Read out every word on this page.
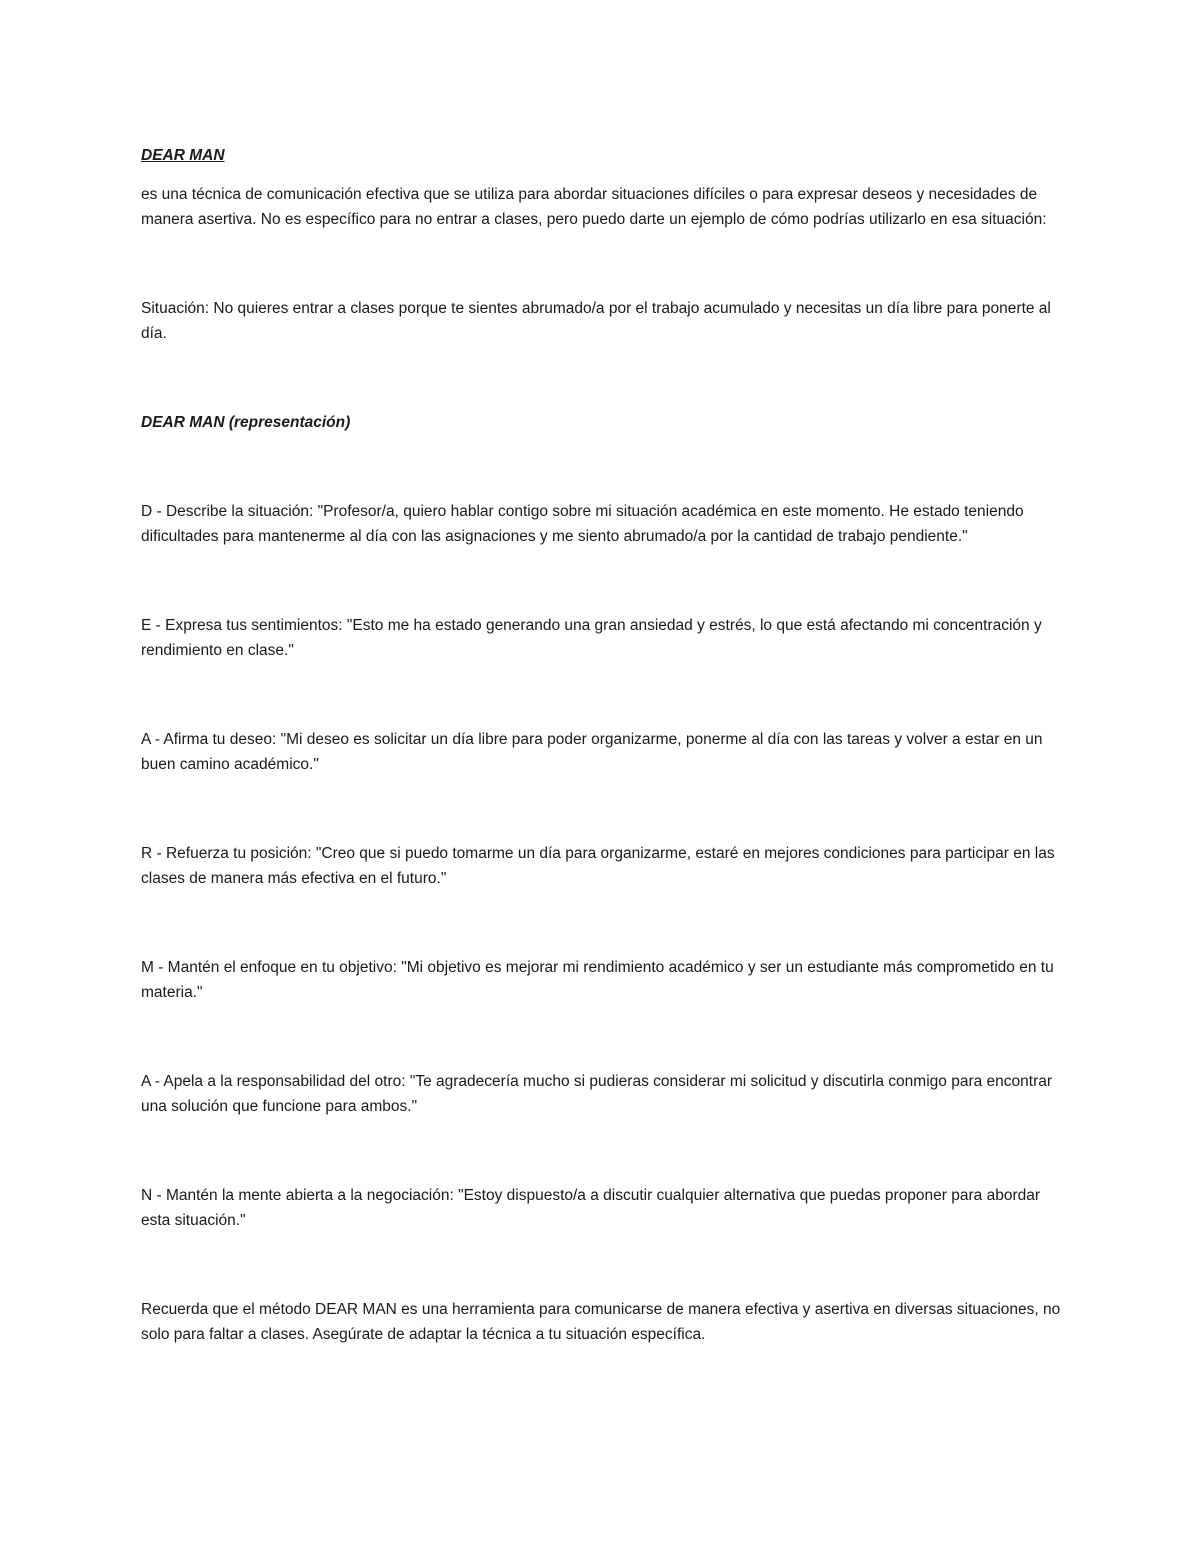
DEAR MAN

es una técnica de comunicación efectiva que se utiliza para abordar situaciones difíciles o para expresar deseos y necesidades de manera asertiva. No es específico para no entrar a clases, pero puedo darte un ejemplo de cómo podrías utilizarlo en esa situación:

Situación: No quieres entrar a clases porque te sientes abrumado/a por el trabajo acumulado y necesitas un día libre para ponerte al día.

DEAR MAN (representación)

D - Describe la situación: "Profesor/a, quiero hablar contigo sobre mi situación académica en este momento. He estado teniendo dificultades para mantenerme al día con las asignaciones y me siento abrumado/a por la cantidad de trabajo pendiente."

E - Expresa tus sentimientos: "Esto me ha estado generando una gran ansiedad y estrés, lo que está afectando mi concentración y rendimiento en clase."

A - Afirma tu deseo: "Mi deseo es solicitar un día libre para poder organizarme, ponerme al día con las tareas y volver a estar en un buen camino académico."

R - Refuerza tu posición: "Creo que si puedo tomarme un día para organizarme, estaré en mejores condiciones para participar en las clases de manera más efectiva en el futuro."

M - Mantén el enfoque en tu objetivo: "Mi objetivo es mejorar mi rendimiento académico y ser un estudiante más comprometido en tu materia."

A - Apela a la responsabilidad del otro: "Te agradecería mucho si pudieras considerar mi solicitud y discutirla conmigo para encontrar una solución que funcione para ambos."

N - Mantén la mente abierta a la negociación: "Estoy dispuesto/a a discutir cualquier alternativa que puedas proponer para abordar esta situación."

Recuerda que el método DEAR MAN es una herramienta para comunicarse de manera efectiva y asertiva en diversas situaciones, no solo para faltar a clases. Asegúrate de adaptar la técnica a tu situación específica.
